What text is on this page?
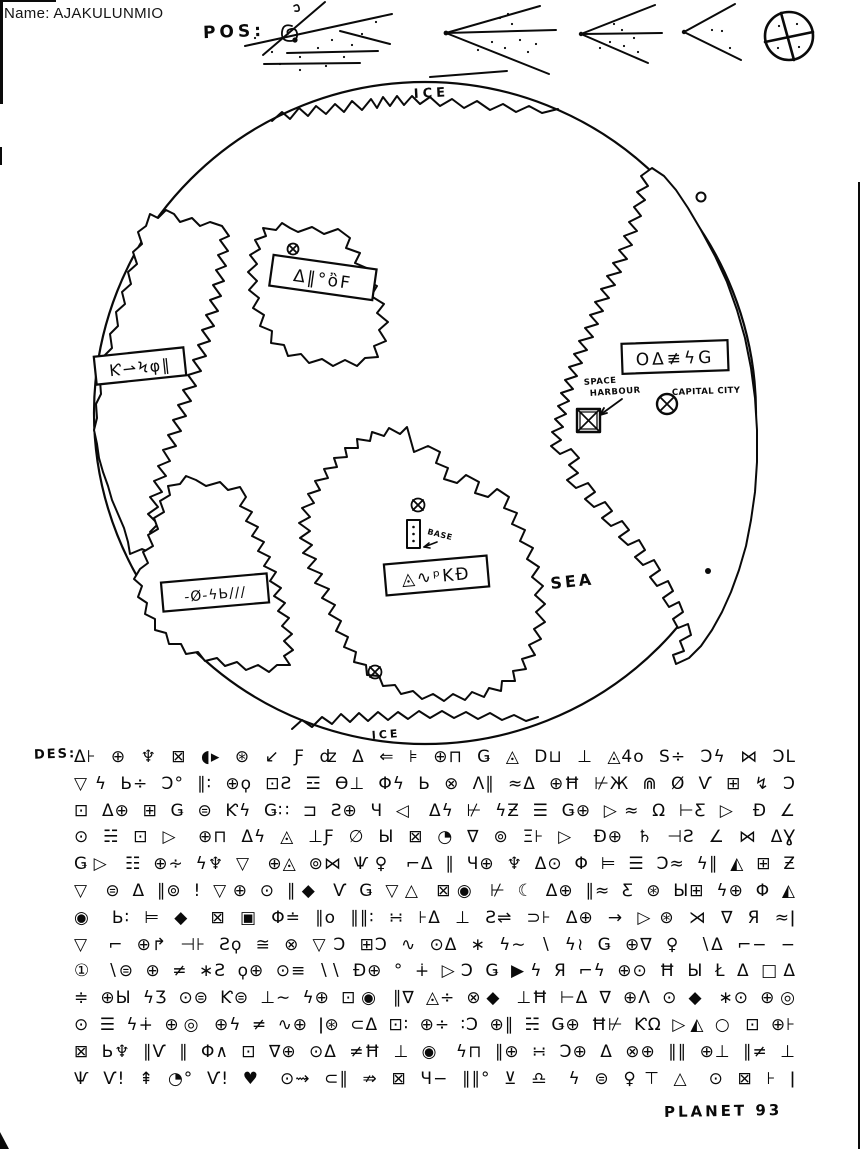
Δ‖°ὂϜ
Ƙ⇀Ϟφ‖	OΔ≢ϟG
◬∿ᵖKÐ
-Ø-ϟЬ///
SPACE
HARBOUR	CAPITAL CITY
BASE
ICE
ICE
SEA
Name: AJAKULUNMIO
POS:
DES:
Δ⊦ ⊕ ♆ ⊠ ◖▸ ⊛ ↙ Ƒ ʣ Δ ⇐ ⊧ ⊕⊓ Ǥ ◬ D⊔ ⊥ ◬4o S÷ Ɔϟ ⋈ ƆL
▽ϟ Ь÷ Ɔ° ∥∶ ⊕ϙ ⊡Ƨ ☲ Ѳ⊥ Φϟ Ь ⊗ Λ∥ ≈Δ ⊕Ħ ⊬Ж ⋒ Ø Ѵ ⊞ ↯ Ɔ
⊡ Δ⊕ ⊞ Ǥ ⊜ Ƙϟ Ǥ∷ ⊐ Ƨ⊕ Ч ◁ Δϟ ⊬ ϟƵ ☰ Ǥ⊕ ▷≈ Ω ⊢Ƹ ▷ Ð ∠
⊙ ☵ ⊡ ▷ ⊕⊓ Δϟ ◬ ⊥Ƒ ∅ Ы ⊠ ◔ ∇ ⊚ Ξ⊦ ▷ Ð⊕ ♄ ⊣Ƨ ∠ ⋈ ΔƔ
Ǥ▷ ☷ ⊕∻ ϟ♆ ▽ ⊕◬ ⊚⋈ Ѱ♀ ⌐Δ ∥ Ч⊕ ♆ Δ⊙ Φ ⊨ ☰ Ɔ≈ ϟ∥ ◭ ⊞ Ƶ
▽ ⊜ Δ ∥⊚ ! ▽⊕ ⊙ ∥◆ Ѵ Ǥ ▽△ ⊠◉ ⊬ ☾ Δ⊕ ∥≈ Ƹ ⊛ Ы⊞ ϟ⊕ Φ ◭
◉ Ь∶ ⊨ ◆ ⊠ ▣ Φ≐ ∥o ∥∥∶ ∺ ⊦Δ ⊥ Ƨ⇌ ⊃⊦ Δ⊕ → ▷⊛ ⋊ ∇ Я ≈ǀ
▽ ⌐ ⊕↱ ⊣⊦ Ƨϙ ≅ ⊗ ▽Ɔ ⊞Ɔ ∿ ⊙Δ ∗ ϟ∼ ∖ ϟ≀ Ǥ ⊕∇ ♀ ∖Δ ⌐− −
① ∖⊜ ⊕ ≠ ∗Ƨ ϙ⊕ ⊙≡ ∖∖ Ð⊕ ° ∔ ▷Ɔ Ǥ ▶ϟ Я ⌐ϟ ⊕⊙ Ħ Ы Ł Δ □Δ
≑ ⊕Ы ϟƷ ⊙⊜ Ƙ⊜ ⊥∼ ϟ⊕ ⊡◉ ∥∇ ◬÷ ⊗◆ ⊥Ħ ⊢Δ ∇ ⊕Λ ⊙ ◆ ∗⊙ ⊕◎
⊙ ☰ ϟ∔ ⊕◎ ⊕ϟ ≠ ∿⊕ ǀ⊛ ⊂Δ ⊡∶ ⊕÷ ∶Ɔ ⊕∥ ☵ Ǥ⊕ Ħ⊬ ƘΩ ▷◭ ○ ⊡ ⊕⊦
⊠ Ь♆ ∥Ѵ ∥ Φ∧ ⊡ ∇⊕ ⊙Δ ≠Ħ ⊥ ◉ ϟ⊓ ∥⊕ ∺ Ɔ⊕ Δ ⊗⊕ ∥∥ ⊕⊥ ∥≠ ⊥
Ѱ Ѵ! ⇞ ◔° Ѵ! ♥ ⊙⇝ ⊂∥ ⇏ ⊠ Ч− ∥∥° ⊻ ♎ ϟ ⊜ ♀⊤ △ ⊙ ⊠ ⊦ ǀ
PLANET 93
